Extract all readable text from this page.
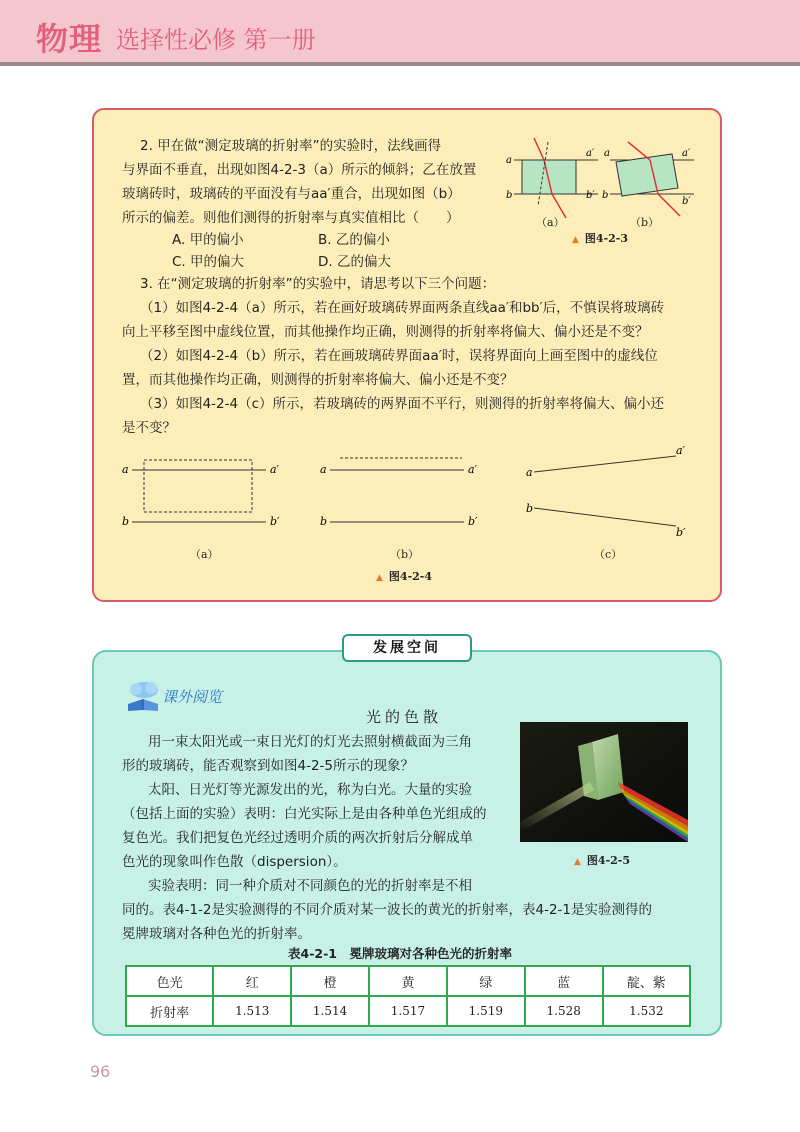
物理 选择性必修 第一册
2. 甲在做“测定玻璃的折射率”的实验时，法线画得
与界面不垂直，出现如图4-2-3（a）所示的倾斜；乙在放置
玻璃砖时，玻璃砖的平面没有与aa′重合，出现如图（b）
所示的偏差。则他们测得的折射率与真实值相比（　　）
A. 甲的偏小	B. 乙的偏小
C. 甲的偏大	D. 乙的偏大
a
a′
b	b′
a	a′
b
b′
（a）	（b）
▲ 图4-2-3
3. 在“测定玻璃的折射率”的实验中，请思考以下三个问题：
（1）如图4-2-4（a）所示，若在画好玻璃砖界面两条直线aa′和bb′后，不慎误将玻璃砖
向上平移至图中虚线位置，而其他操作均正确，则测得的折射率将偏大、偏小还是不变？
（2）如图4-2-4（b）所示，若在画玻璃砖界面aa′时，误将界面向上画至图中的虚线位
置，而其他操作均正确，则测得的折射率将偏大、偏小还是不变？
（3）如图4-2-4（c）所示，若玻璃砖的两界面不平行，则测得的折射率将偏大、偏小还
是不变？
a	a′
b	b′
a	a′
b	b′
a
a′
b
b′
（a）	（b）	（c）
▲ 图4-2-4
发展空间
课外阅览
光的色散
用一束太阳光或一束日光灯的灯光去照射横截面为三角
形的玻璃砖，能否观察到如图4-2-5所示的现象？
太阳、日光灯等光源发出的光，称为白光。大量的实验
（包括上面的实验）表明：白光实际上是由各种单色光组成的
复色光。我们把复色光经过透明介质的两次折射后分解成单
色光的现象叫作色散（dispersion）。
实验表明：同一种介质对不同颜色的光的折射率是不相
同的。表4-1-2是实验测得的不同介质对某一波长的黄光的折射率，表4-2-1是实验测得的
冕牌玻璃对各种色光的折射率。
▲ 图4-2-5
表4-2-1　冕牌玻璃对各种色光的折射率
色光	红	橙	黄	绿	蓝	靛、紫
折射率	1.513	1.514	1.517	1.519	1.528	1.532
96
